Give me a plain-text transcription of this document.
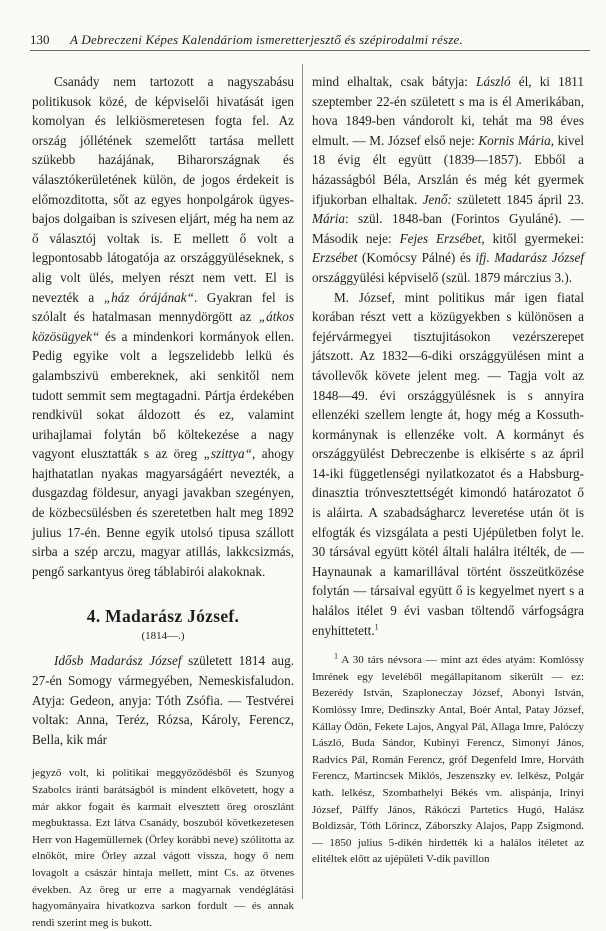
130 A Debreczeni Képes Kalendáriom ismeretterjesztő és szépirodalmi része.

Csanády nem tartozott a nagyszabásu politikusok közé, de képviselői hivatását igen komolyan és lelkiösmeretesen fogta fel. Az ország jóllétének szemelőtt tartása mellett szükebb hazájának, Biharországnak és választókerületének külön, de jogos érdekeit is előmozditotta, sőt az egyes honpolgárok ügyes-bajos dolgaiban is szivesen eljárt, még ha nem az ő választój voltak is. E mellett ő volt a legpontosabb látogatója az országgyüléseknek, s alig volt ülés, melyen részt nem vett. El is nevezték a „ház órájának“. Gyakran fel is szólalt és hatalmasan mennydörgött az „átkos közösügyek“ és a mindenkori kormányok ellen. Pedig egyike volt a legszelidebb lelkü és galambszivü embereknek, aki senkitől nem tudott semmit sem megtagadni. Pártja érdekében rendkivül sokat áldozott és ez, valamint urihajlamai folytán bő költekezése a nagy vagyont elusztatták s az öreg „szittya“, ahogy hajthatatlan nyakas magyarságáért nevezték, a dusgazdag földesur, anyagi javakban szegényen, de közbecsülésben és szeretetben halt meg 1892 julius 17-én. Benne egyik utolsó tipusa szállott sirba a szép arczu, magyar atillás, lakkcsizmás, pengő sarkantyus öreg táblabirói alakoknak.

4. Madarász József.
(1814—.)

Idősb Madarász József született 1814 aug. 27-én Somogy vármegyében, Nemeskisfaludon. Atyja: Gedeon, anyja: Tóth Zsófia. — Testvérei voltak: Anna, Teréz, Rózsa, Károly, Ferencz, Bella, kik már

jegyző volt, ki politikai meggyőződésből és Szunyog Szabolcs iránti barátságból is mindent elkövetett, hogy a már akkor fogait és karmait elvesztett öreg oroszlánt megbuktassa. Ezt látva Csanády, boszuból következetesen Herr von Hagemüllernek (Örley korábbi neve) szólitotta az elnököt, mire Örley azzal vágott vissza, hogy ő nem lovagolt a császár hintaja mellett, mint Cs. az ötvenes években. Az öreg ur erre a magyarnak vendéglátási hagyományaira hivatkozva sarkon fordult — és annak rendi szerint meg is bukott.

mind elhaltak, csak bátyja: László él, ki 1811 szeptember 22-én született s ma is él Amerikában, hova 1849-ben vándorolt ki, tehát ma 98 éves elmult. — M. József első neje: Kornis Mária, kivel 18 évig élt együtt (1839—1857). Ebből a házasságból Béla, Arszlán és még két gyermek ifjukorban elhaltak. Jenő: született 1845 ápril 23. Mária: szül. 1848-ban (Forintos Gyuláné). — Második neje: Fejes Erzsébet, kitől gyermekei: Erzsébet (Komócsy Pálné) és ifj. Madarász József országgyülési képviselő (szül. 1879 márczius 3.).

M. József, mint politikus már igen fiatal korában részt vett a közügyekben s különösen a fejérvármegyei tisztujitásokon vezérszerepet játszott. Az 1832—6-diki országgyülésen mint a távollevők követe jelent meg. — Tagja volt az 1848—49. évi országgyülésnek is s annyira ellenzéki szellem lengte át, hogy még a Kossuth-kormánynak is ellenzéke volt. A kormányt és országgyülést Debreczenbe is elkisérte s az ápril 14-iki függetlenségi nyilatkozatot és a Habsburg-dinasztia trónvesztettségét kimondó határozatot ő is aláirta. A szabadságharcz leveretése után öt is elfogták és vizsgálata a pesti Ujépületben folyt le. 30 társával együtt kötél általi halálra itélték, de — Haynaunak a kamarillával történt összeütközése folytán — társaival együtt ő is kegyelmet nyert s a halálos itélet 9 évi vasban töltendő várfogságra enyhittetett.$^1$

$^1$ A 30 társ névsora — mint azt édes atyám: Komlóssy Imrének egy leveléből megállapitanom sikerült — ez: Bezerédy István, Szaploneczay József, Abonyi István, Komlóssy Imre, Dedinszky Antal, Boér Antal, Patay József, Kállay Ödön, Fekete Lajos, Angyal Pál, Allaga Imre, Palóczy László, Buda Sándor, Kubinyi Ferencz, Simonyi János, Radvics Pál, Román Ferencz, gróf Degenfeld Imre, Horváth Ferencz, Martincsek Miklós, Jeszenszky ev. lelkész, Polgár kath. lelkész, Szombathelyi Békés vm. alispánja, Irinyi József, Pálffy János, Rákóczi Partetics Hugó, Halász Boldizsár, Tóth Lőrincz, Záborszky Alajos, Papp Zsigmond. — 1850 julius 5-dikén hirdették ki a halálos itéletet az elitéltek előtt az ujépületi V-dik pavillon
